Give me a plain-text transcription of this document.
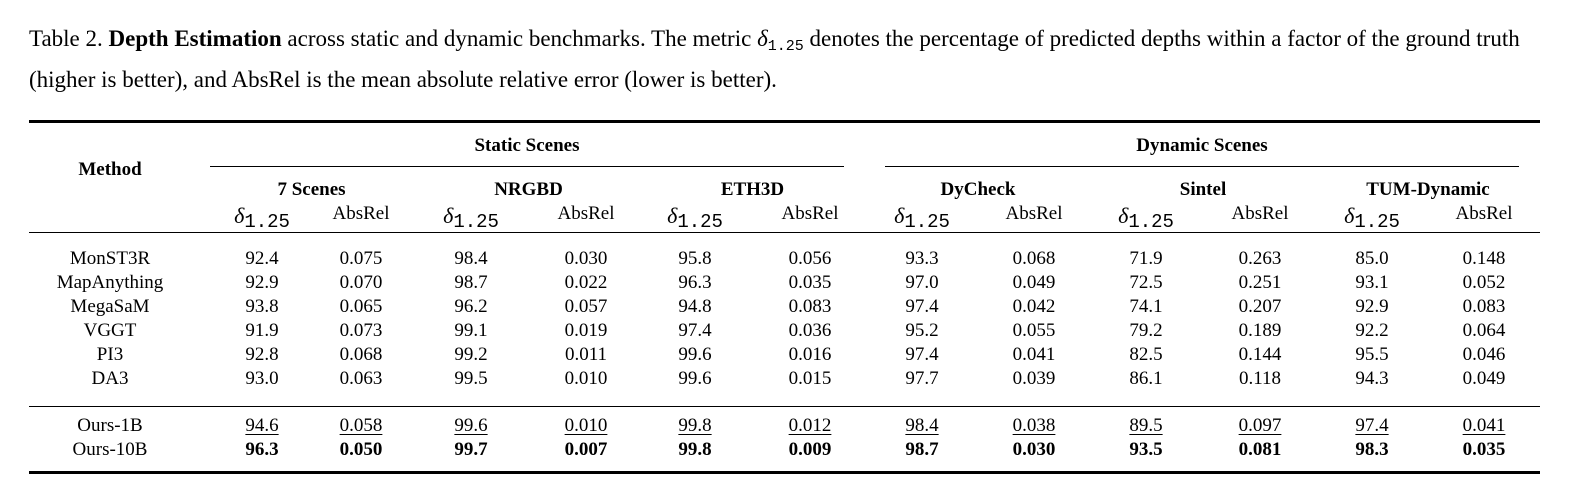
Table 2. Depth Estimation across static and dynamic benchmarks. The metric $\delta_{1.25}$ denotes the percentage of predicted depths within a factor of the ground truth (higher is better), and AbsRel is the mean absolute relative error (lower is better).

Method
Static Scenes	Dynamic Scenes
7 Scenes	NRGBD	ETH3D	DyCheck	Sintel	TUM-Dynamic
δ1.25	AbsRel	δ1.25	AbsRel	δ1.25	AbsRel	δ1.25	AbsRel	δ1.25	AbsRel	δ1.25	AbsRel
MonST3R	92.4	0.075	98.4	0.030	95.8	0.056	93.3	0.068	71.9	0.263	85.0	0.148
MapAnything	92.9	0.070	98.7	0.022	96.3	0.035	97.0	0.049	72.5	0.251	93.1	0.052
MegaSaM	93.8	0.065	96.2	0.057	94.8	0.083	97.4	0.042	74.1	0.207	92.9	0.083
VGGT	91.9	0.073	99.1	0.019	97.4	0.036	95.2	0.055	79.2	0.189	92.2	0.064
PI3	92.8	0.068	99.2	0.011	99.6	0.016	97.4	0.041	82.5	0.144	95.5	0.046
DA3	93.0	0.063	99.5	0.010	99.6	0.015	97.7	0.039	86.1	0.118	94.3	0.049
Ours-1B	94.6	0.058	99.6	0.010	99.8	0.012	98.4	0.038	89.5	0.097	97.4	0.041
Ours-10B	96.3	0.050	99.7	0.007	99.8	0.009	98.7	0.030	93.5	0.081	98.3	0.035
